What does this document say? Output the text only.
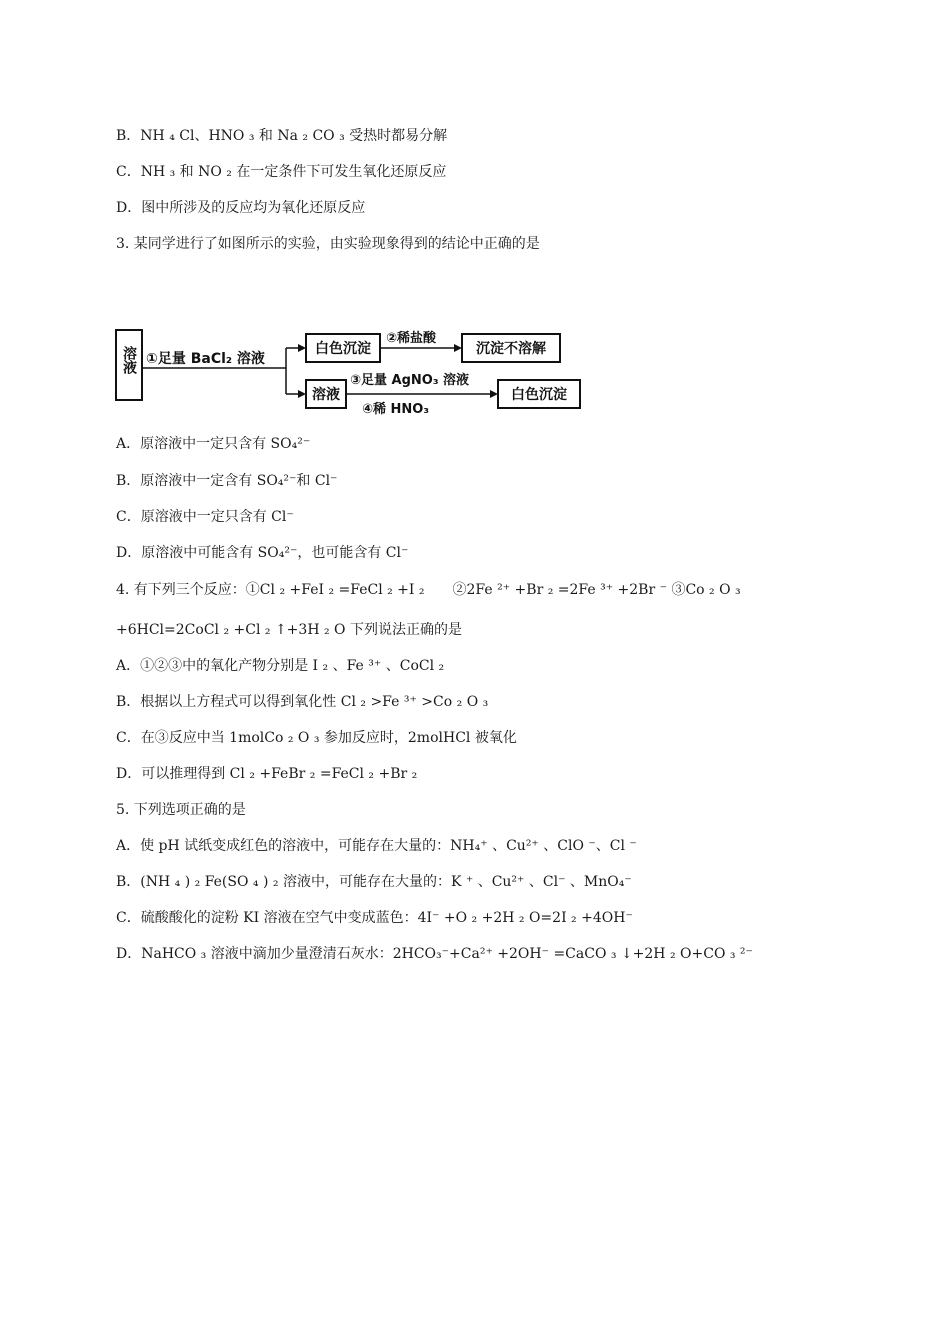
B．NH ₄ Cl、HNO ₃ 和 Na ₂ CO ₃ 受热时都易分解
C．NH ₃ 和 NO ₂ 在一定条件下可发生氧化还原反应
D．图中所涉及的反应均为氧化还原反应
3. 某同学进行了如图所示的实验，由实验现象得到的结论中正确的是
溶液 ①足量 BaCl₂ 溶液
白色沉淀
②稀盐酸
沉淀不溶解
溶液
③足量 AgNO₃ 溶液
④稀 HNO₃
白色沉淀
A．原溶液中一定只含有 SO₄²⁻
B．原溶液中一定含有 SO₄²⁻和 Cl⁻
C．原溶液中一定只含有 Cl⁻
D．原溶液中可能含有 SO₄²⁻，也可能含有 Cl⁻
4. 有下列三个反应：①Cl ₂ +FeI ₂ =FeCl ₂ +I ₂　　②2Fe ²⁺ +Br ₂ =2Fe ³⁺ +2Br ⁻ ③Co ₂ O ₃
+6HCl=2CoCl ₂ +Cl ₂ ↑+3H ₂ O 下列说法正确的是
A．①②③中的氧化产物分别是 I ₂ 、Fe ³⁺ 、CoCl ₂
B．根据以上方程式可以得到氧化性 Cl ₂ >Fe ³⁺ >Co ₂ O ₃
C．在③反应中当 1molCo ₂ O ₃ 参加反应时，2molHCl 被氧化
D．可以推理得到 Cl ₂ +FeBr ₂ =FeCl ₂ +Br ₂
5. 下列选项正确的是
A．使 pH 试纸变成红色的溶液中，可能存在大量的：NH₄⁺ 、Cu²⁺ 、ClO ⁻、Cl ⁻
B．(NH ₄ ) ₂ Fe(SO ₄ ) ₂ 溶液中，可能存在大量的：K ⁺ 、Cu²⁺ 、Cl⁻ 、MnO₄⁻
C．硫酸酸化的淀粉 KI 溶液在空气中变成蓝色：4I⁻ +O ₂ +2H ₂ O=2I ₂ +4OH⁻
D．NaHCO ₃ 溶液中滴加少量澄清石灰水：2HCO₃⁻+Ca²⁺ +2OH⁻ =CaCO ₃ ↓+2H ₂ O+CO ₃ ²⁻
